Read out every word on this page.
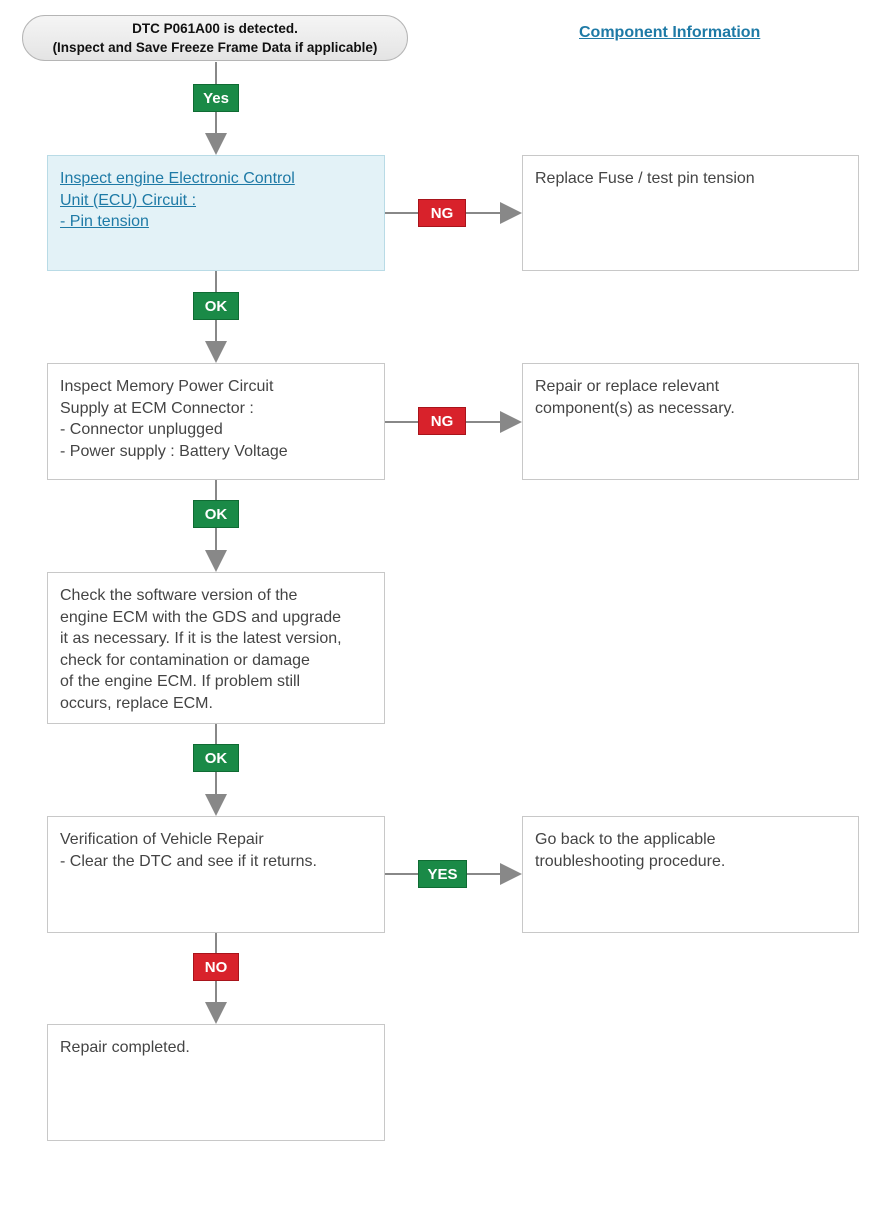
DTC P061A00 is detected.
(Inspect and Save Freeze Frame Data if applicable)
Component Information
Yes
Inspect engine Electronic Control
Unit (ECU) Circuit :
- Pin tension
NG
Replace Fuse / test pin tension
OK
Inspect Memory Power Circuit
Supply at ECM Connector :
- Connector unplugged
- Power supply : Battery Voltage
NG
Repair or replace relevant
component(s) as necessary.
OK
Check the software version of the
engine ECM with the GDS and upgrade
it as necessary. If it is the latest version,
check for contamination or damage
of the engine ECM. If problem still
occurs, replace ECM.
OK
Verification of Vehicle Repair
- Clear the DTC and see if it returns.
YES
Go back to the applicable
troubleshooting procedure.
NO
Repair completed.
